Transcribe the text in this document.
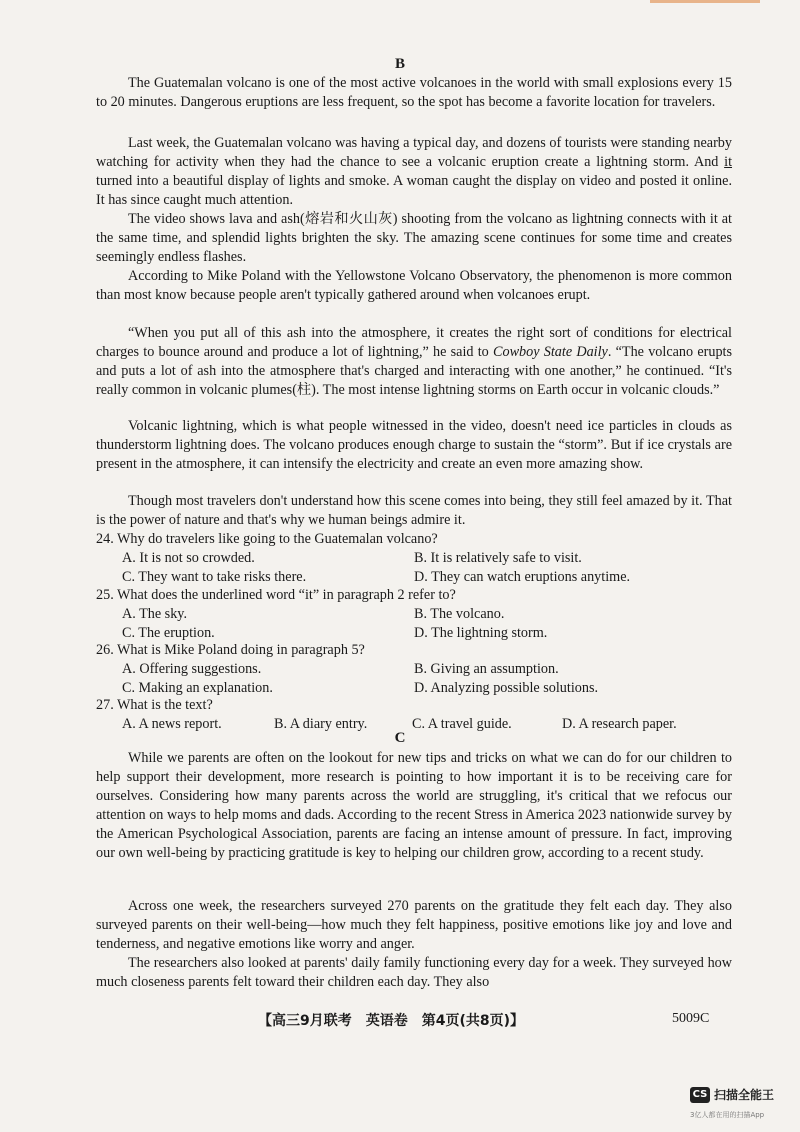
B

The Guatemalan volcano is one of the most active volcanoes in the world with small explosions every 15 to 20 minutes. Dangerous eruptions are less frequent, so the spot has become a favorite location for travelers.

Last week, the Guatemalan volcano was having a typical day, and dozens of tourists were standing nearby watching for activity when they had the chance to see a volcanic eruption create a lightning storm. And it turned into a beautiful display of lights and smoke. A woman caught the display on video and posted it online. It has since caught much attention.

The video shows lava and ash(熔岩和火山灰) shooting from the volcano as lightning connects with it at the same time, and splendid lights brighten the sky. The amazing scene continues for some time and creates seemingly endless flashes.

According to Mike Poland with the Yellowstone Volcano Observatory, the phenomenon is more common than most know because people aren't typically gathered around when volcanoes erupt.

“When you put all of this ash into the atmosphere, it creates the right sort of conditions for electrical charges to bounce around and produce a lot of lightning,” he said to Cowboy State Daily. “The volcano erupts and puts a lot of ash into the atmosphere that's charged and interacting with one another,” he continued. “It's really common in volcanic plumes(柱). The most intense lightning storms on Earth occur in volcanic clouds.”

Volcanic lightning, which is what people witnessed in the video, doesn't need ice particles in clouds as thunderstorm lightning does. The volcano produces enough charge to sustain the “storm”. But if ice crystals are present in the atmosphere, it can intensify the electricity and create an even more amazing show.

Though most travelers don't understand how this scene comes into being, they still feel amazed by it. That is the power of nature and that's why we human beings admire it.

24. Why do travelers like going to the Guatemalan volcano?

A. It is not so crowded.	B. It is relatively safe to visit.
C. They want to take risks there.	D. They can watch eruptions anytime.

25. What does the underlined word “it” in paragraph 2 refer to?

A. The sky.	B. The volcano.
C. The eruption.	D. The lightning storm.

26. What is Mike Poland doing in paragraph 5?

A. Offering suggestions.	B. Giving an assumption.
C. Making an explanation.	D. Analyzing possible solutions.

27. What is the text?

A. A news report.	B. A diary entry.	C. A travel guide.	D. A research paper.
C

While we parents are often on the lookout for new tips and tricks on what we can do for our children to help support their development, more research is pointing to how important it is to be receiving care for ourselves. Considering how many parents across the world are struggling, it's critical that we refocus our attention on ways to help moms and dads. According to the recent Stress in America 2023 nationwide survey by the American Psychological Association, parents are facing an intense amount of pressure. In fact, improving our own well-being by practicing gratitude is key to helping our children grow, according to a recent study.

Across one week, the researchers surveyed 270 parents on the gratitude they felt each day. They also surveyed parents on their well-being—how much they felt happiness, positive emotions like joy and love and tenderness, and negative emotions like worry and anger.

The researchers also looked at parents' daily family functioning every day for a week. They surveyed how much closeness parents felt toward their children each day. They also

【高三9月联考　英语卷　第4页(共8页)】	5009C
CS 扫描全能王
3亿人都在用的扫描App
